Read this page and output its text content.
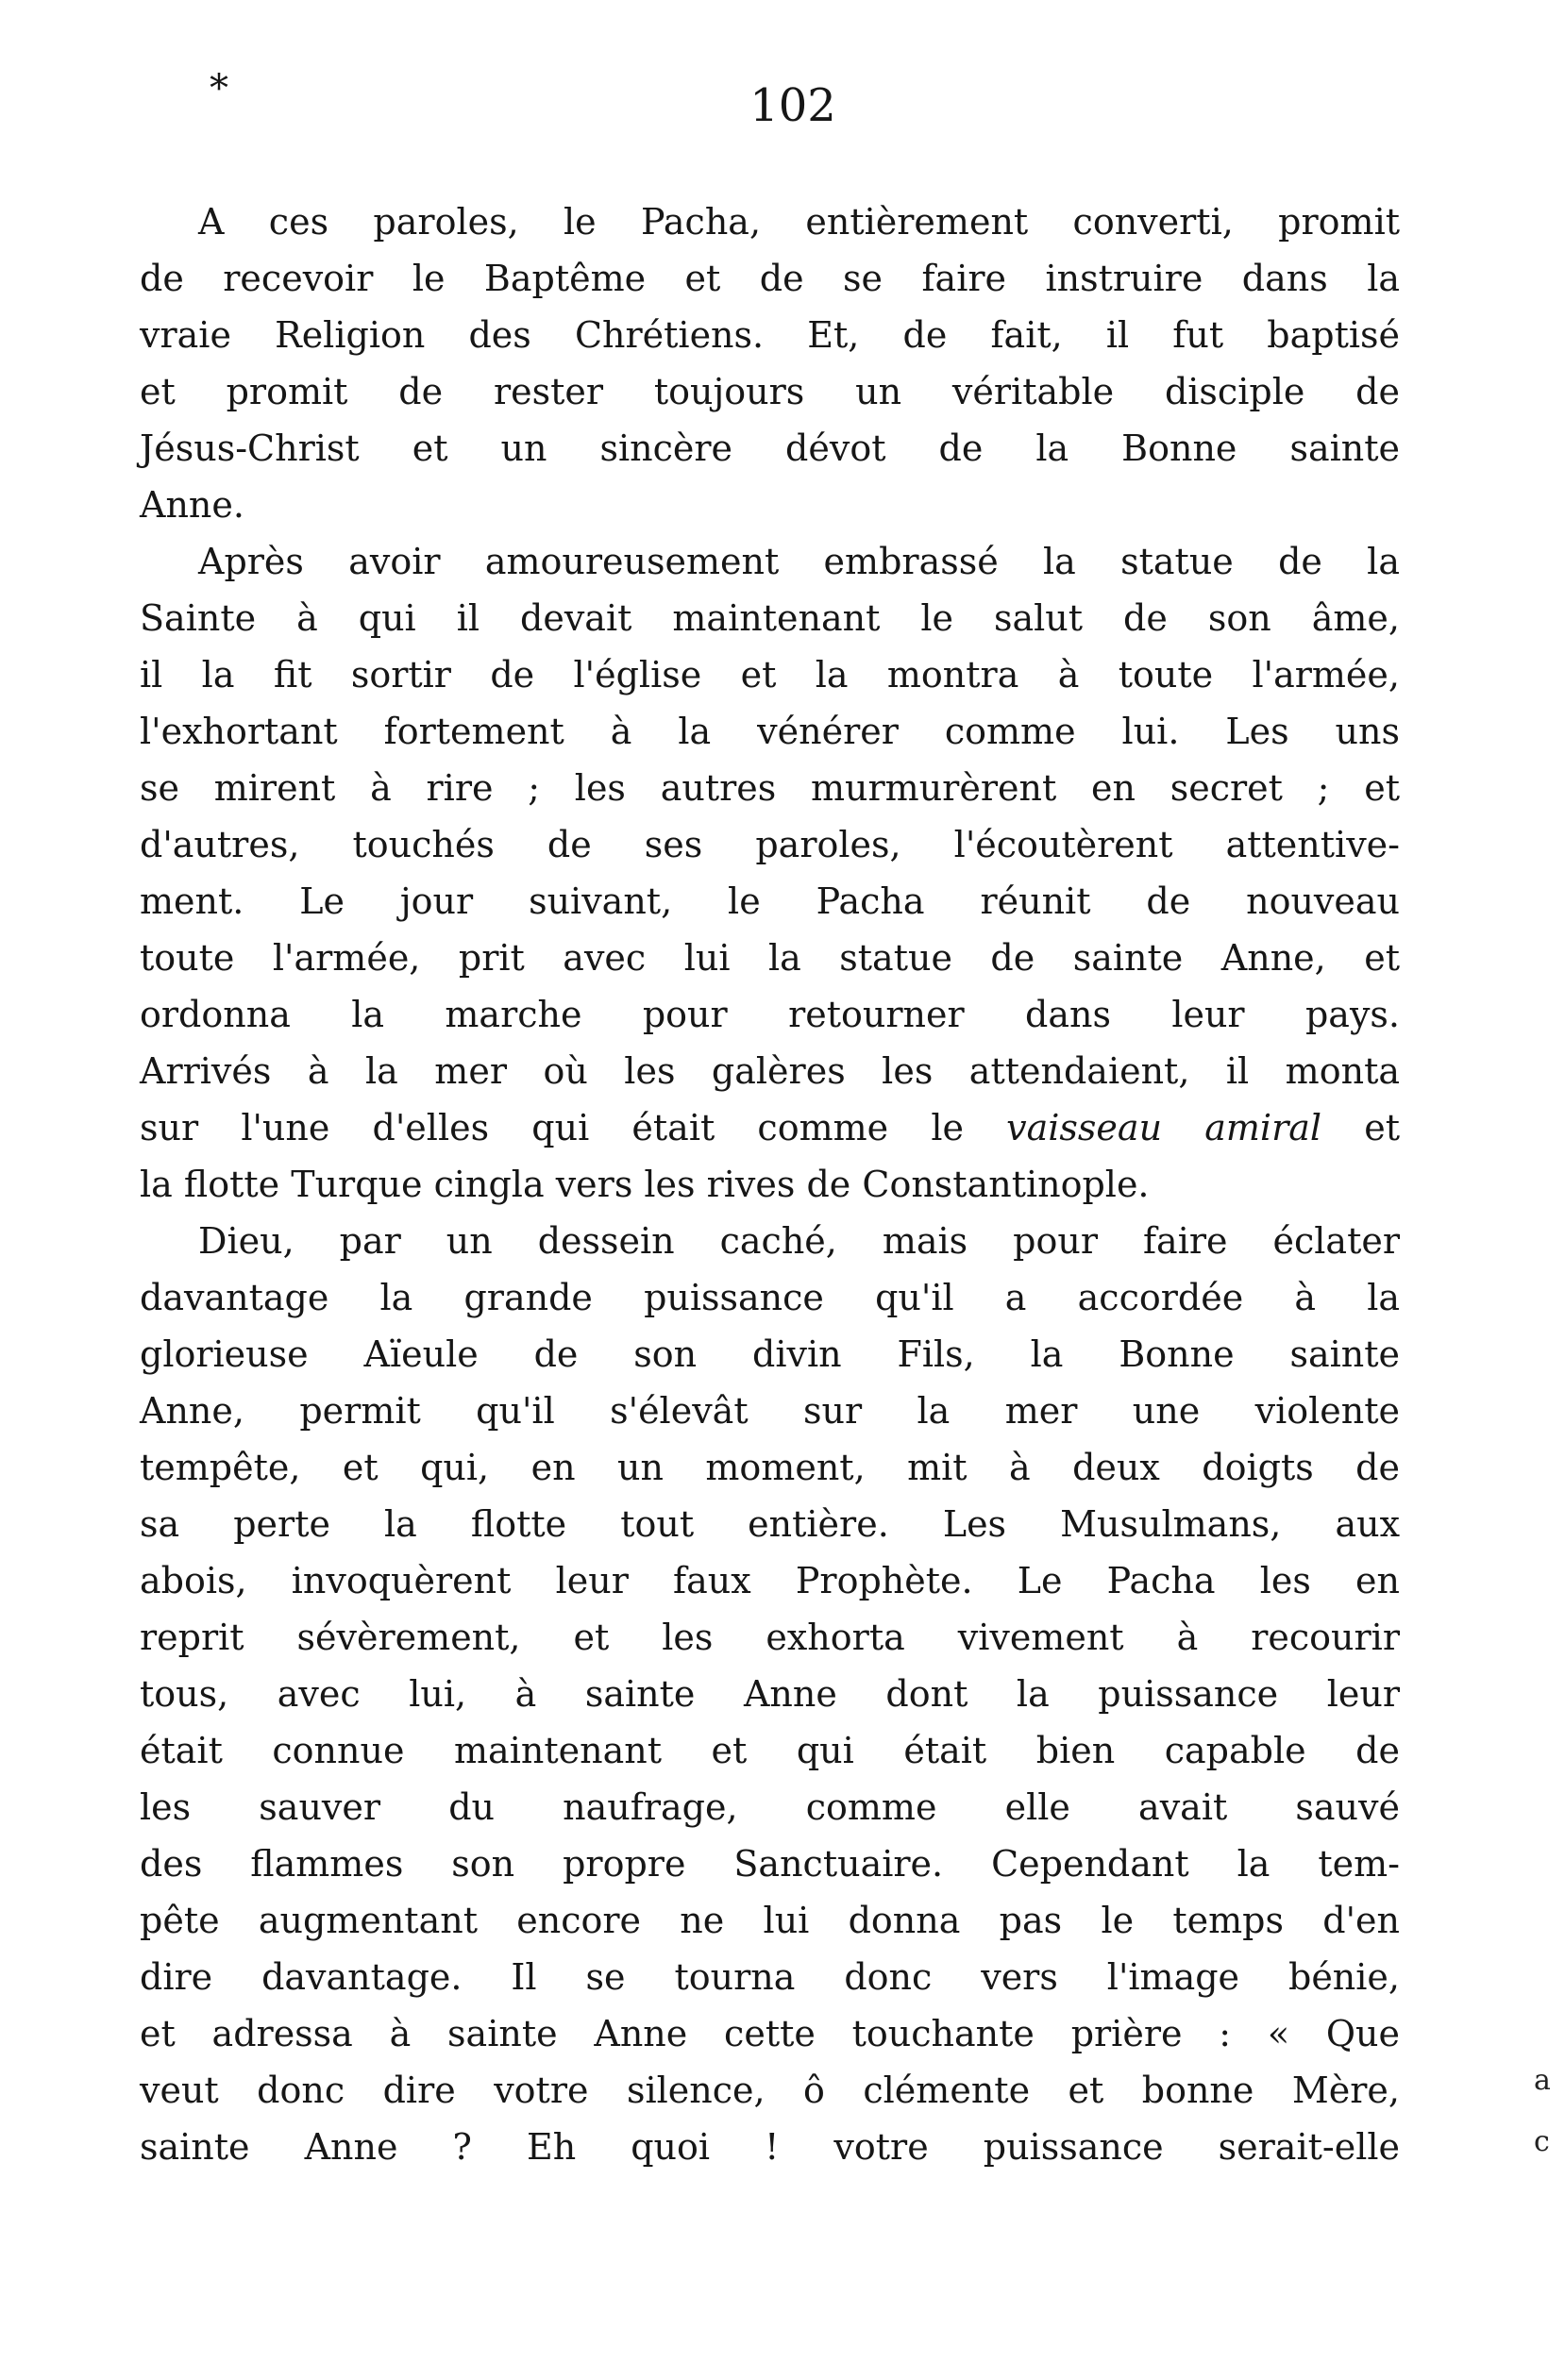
*	102
A ces paroles, le Pacha, entièrement converti, promit
de recevoir le Baptême et de se faire instruire dans la
vraie Religion des Chrétiens. Et, de fait, il fut baptisé
et promit de rester toujours un véritable disciple de
Jésus-Christ et un sincère dévot de la Bonne sainte
Anne.
Après avoir amoureusement embrassé la statue de la
Sainte à qui il devait maintenant le salut de son âme,
il la fit sortir de l'église et la montra à toute l'armée,
l'exhortant fortement à la vénérer comme lui. Les uns
se mirent à rire ; les autres murmurèrent en secret ; et
d'autres, touchés de ses paroles, l'écoutèrent attentive-
ment. Le jour suivant, le Pacha réunit de nouveau
toute l'armée, prit avec lui la statue de sainte Anne, et
ordonna la marche pour retourner dans leur pays.
Arrivés à la mer où les galères les attendaient, il monta
sur l'une d'elles qui était comme le vaisseau amiral et
la flotte Turque cingla vers les rives de Constantinople.
Dieu, par un dessein caché, mais pour faire éclater
davantage la grande puissance qu'il a accordée à la
glorieuse Aïeule de son divin Fils, la Bonne sainte
Anne, permit qu'il s'élevât sur la mer une violente
tempête, et qui, en un moment, mit à deux doigts de
sa perte la flotte tout entière. Les Musulmans, aux
abois, invoquèrent leur faux Prophète. Le Pacha les en
reprit sévèrement, et les exhorta vivement à recourir
tous, avec lui, à sainte Anne dont la puissance leur
était connue maintenant et qui était bien capable de
les sauver du naufrage, comme elle avait sauvé
des flammes son propre Sanctuaire. Cependant la tem-
pête augmentant encore ne lui donna pas le temps d'en
dire davantage. Il se tourna donc vers l'image bénie,
et adressa à sainte Anne cette touchante prière : « Que
veut donc dire votre silence, ô clémente et bonne Mère,
sainte Anne ? Eh quoi ! votre puissance serait-elle
a
c
